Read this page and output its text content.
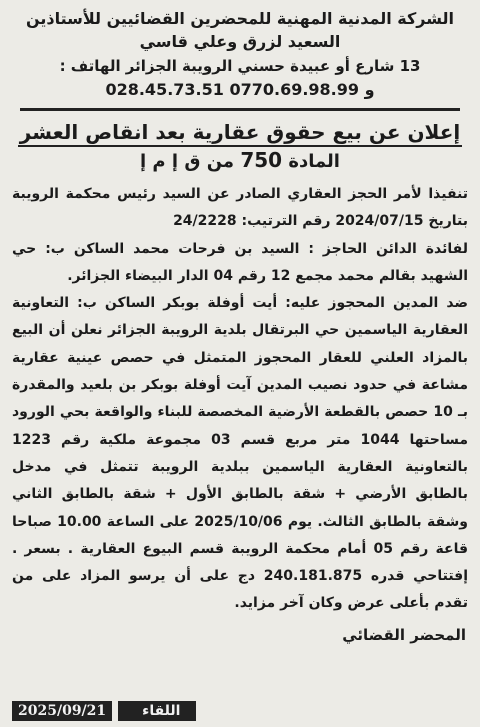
الشركة المدنية المهنية للمحضرين القضائيين للأستاذين
السعيد لزرق وعلي قاسي
13 شارع أو عبيدة حسني الرويبة الجزائر الهاتف :
028.45.73.51 و 0770.69.98.99
إعلان عن بيع حقوق عقارية بعد انقاص العشر
المادة 750 من ق إ م إ

تنفيذا لأمر الحجز العقاري الصادر عن السيد رئيس محكمة الرويبة بتاريخ 2024/07/15 رقم الترتيب: 24/2228

لفائدة الدائن الحاجز : السيد بن فرحات محمد الساكن ب: حي الشهيد بقالم محمد مجمع 12 رقم 04 الدار البيضاء الجزائر.

ضد المدين المحجوز عليه: أيت أوفلة بوبكر الساكن ب: التعاونية العقارية الياسمين حي البرتقال بلدية الرويبة الجزائر نعلن أن البيع بالمزاد العلني للعقار المحجوز المتمثل في حصص عينية عقارية مشاعة في حدود نصيب المدين آيت أوفلة بوبكر بن بلعيد والمقدرة بـ 10 حصص بالقطعة الأرضية المخصصة للبناء والواقعة بحي الورود مساحتها 1044 متر مربع قسم 03 مجموعة ملكية رقم 1223 بالتعاونية العقارية الياسمين ببلدية الرويبة تتمثل في مدخل بالطابق الأرضي + شقة بالطابق الأول + شقة بالطابق الثاني وشقة بالطابق الثالث. يوم 2025/10/06 على الساعة 10.00 صباحا قاعة رقم 05 أمام محكمة الرويبة قسم البيوع العقارية . بسعر . إفتتاحي قدره 240.181.875 دج على أن يرسو المزاد على من تقدم بأعلى عرض وكان آخر مزايد.

المحضر القضائي
2025/09/21	اللقاء
